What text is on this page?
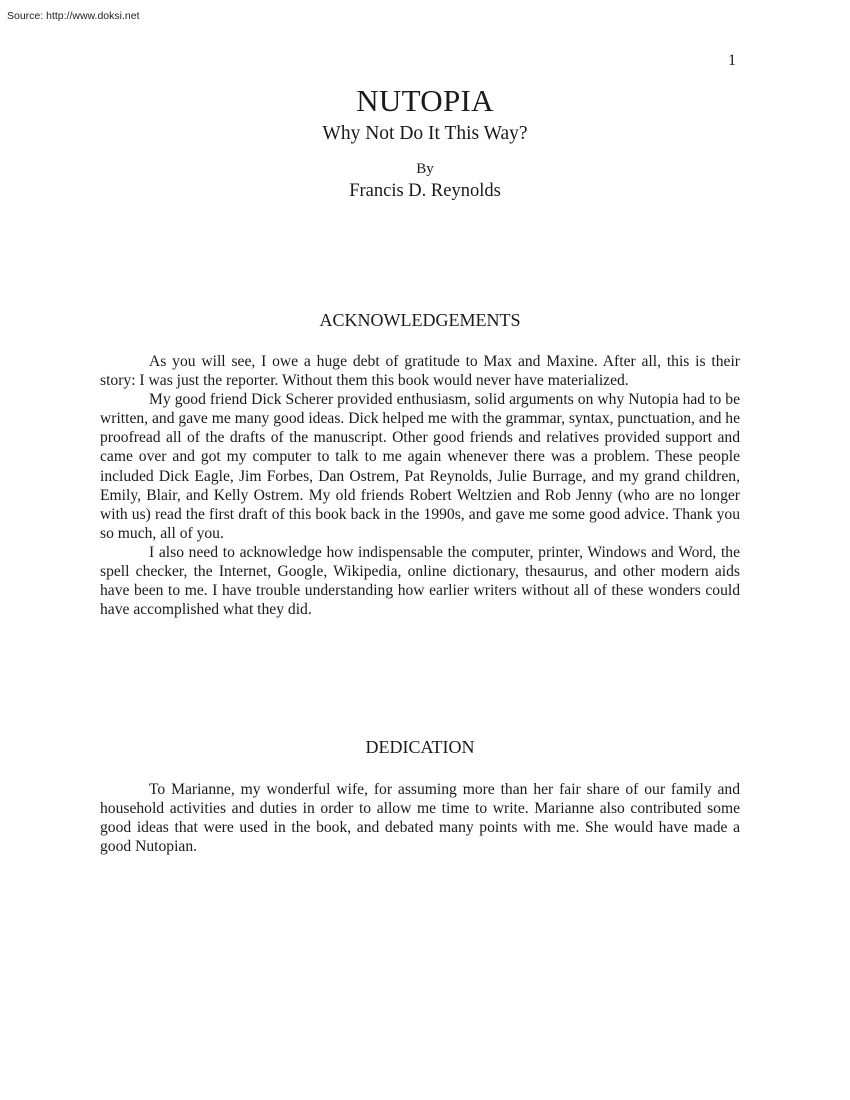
Source: http://www.doksi.net
1
NUTOPIA
Why Not Do It This Way?
By
Francis D. Reynolds
ACKNOWLEDGEMENTS

As you will see, I owe a huge debt of gratitude to Max and Maxine. After all, this is their story: I was just the reporter. Without them this book would never have materialized.

My good friend Dick Scherer provided enthusiasm, solid arguments on why Nutopia had to be written, and gave me many good ideas. Dick helped me with the grammar, syntax, punctuation, and he proofread all of the drafts of the manuscript. Other good friends and relatives provided support and came over and got my computer to talk to me again whenever there was a problem. These people included Dick Eagle, Jim Forbes, Dan Ostrem, Pat Reynolds, Julie Burrage, and my grand children, Emily, Blair, and Kelly Ostrem. My old friends Robert Weltzien and Rob Jenny (who are no longer with us) read the first draft of this book back in the 1990s, and gave me some good advice. Thank you so much, all of you.

I also need to acknowledge how indispensable the computer, printer, Windows and Word, the spell checker, the Internet, Google, Wikipedia, online dictionary, thesaurus, and other modern aids have been to me. I have trouble understanding how earlier writers without all of these wonders could have accomplished what they did.

DEDICATION

To Marianne, my wonderful wife, for assuming more than her fair share of our family and household activities and duties in order to allow me time to write. Marianne also contributed some good ideas that were used in the book, and debated many points with me. She would have made a good Nutopian.
